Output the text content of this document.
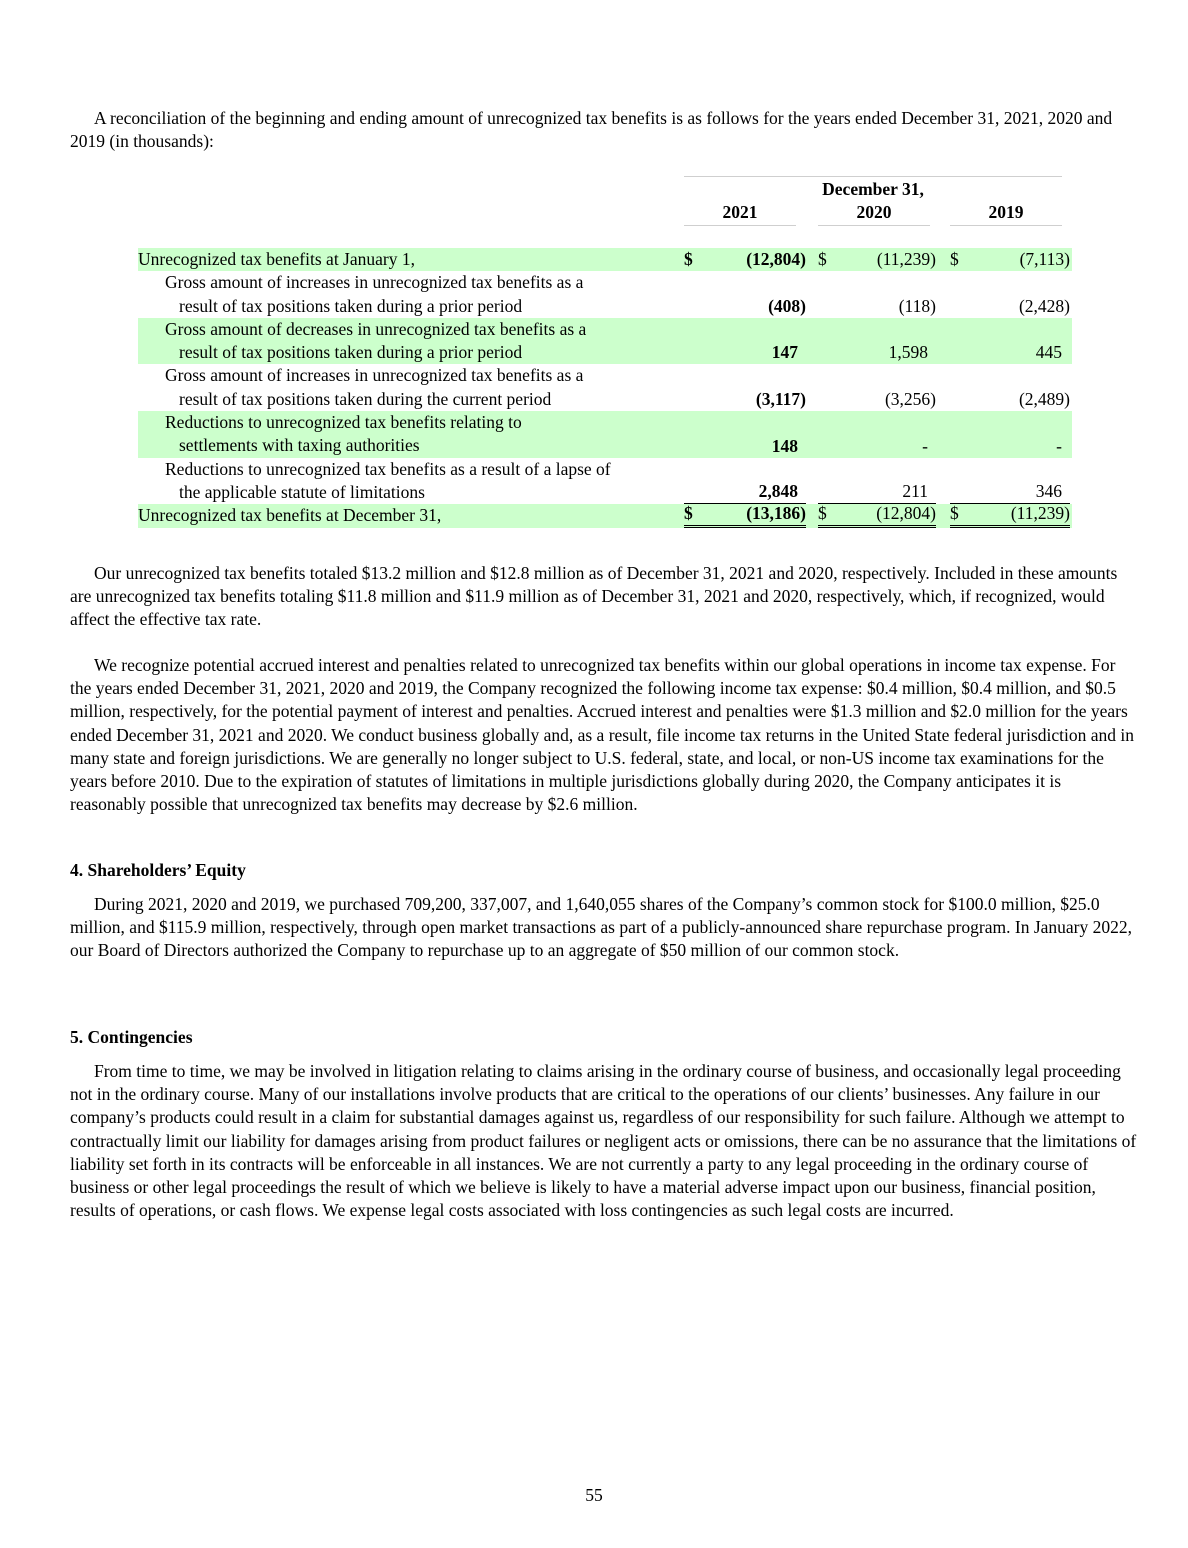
A reconciliation of the beginning and ending amount of unrecognized tax benefits is as follows for the years ended December 31, 2021, 2020 and 2019 (in thousands):

December 31,
2021	2020	2019
Unrecognized tax benefits at January 1,	$	(12,804) $	(11,239) $	(7,113)
Gross amount of increases in unrecognized tax benefits as a
result of tax positions taken during a prior period	(408)	(118)	(2,428)
Gross amount of decreases in unrecognized tax benefits as a
result of tax positions taken during a prior period	147	1,598	445
Gross amount of increases in unrecognized tax benefits as a
result of tax positions taken during the current period	(3,117)	(3,256)	(2,489)
Reductions to unrecognized tax benefits relating to
settlements with taxing authorities	148	-	-
Reductions to unrecognized tax benefits as a result of a lapse of
the applicable statute of limitations	2,848	211	346
Unrecognized tax benefits at December 31,	$	(13,186) $	(12,804) $	(11,239)

Our unrecognized tax benefits totaled $13.2 million and $12.8 million as of December 31, 2021 and 2020, respectively. Included in these amounts are unrecognized tax benefits totaling $11.8 million and $11.9 million as of December 31, 2021 and 2020, respectively, which, if recognized, would affect the effective tax rate.

We recognize potential accrued interest and penalties related to unrecognized tax benefits within our global operations in income tax expense. For the years ended December 31, 2021, 2020 and 2019, the Company recognized the following income tax expense: $0.4 million, $0.4 million, and $0.5 million, respectively, for the potential payment of interest and penalties. Accrued interest and penalties were $1.3 million and $2.0 million for the years ended December 31, 2021 and 2020. We conduct business globally and, as a result, file income tax returns in the United State federal jurisdiction and in many state and foreign jurisdictions. We are generally no longer subject to U.S. federal, state, and local, or non-US income tax examinations for the years before 2010. Due to the expiration of statutes of limitations in multiple jurisdictions globally during 2020, the Company anticipates it is reasonably possible that unrecognized tax benefits may decrease by $2.6 million.

4. Shareholders’ Equity

During 2021, 2020 and 2019, we purchased 709,200, 337,007, and 1,640,055 shares of the Company’s common stock for $100.0 million, $25.0 million, and $115.9 million, respectively, through open market transactions as part of a publicly-announced share repurchase program. In January 2022, our Board of Directors authorized the Company to repurchase up to an aggregate of $50 million of our common stock.

5. Contingencies

From time to time, we may be involved in litigation relating to claims arising in the ordinary course of business, and occasionally legal proceeding not in the ordinary course. Many of our installations involve products that are critical to the operations of our clients’ businesses. Any failure in our company’s products could result in a claim for substantial damages against us, regardless of our responsibility for such failure. Although we attempt to contractually limit our liability for damages arising from product failures or negligent acts or omissions, there can be no assurance that the limitations of liability set forth in its contracts will be enforceable in all instances. We are not currently a party to any legal proceeding in the ordinary course of business or other legal proceedings the result of which we believe is likely to have a material adverse impact upon our business, financial position, results of operations, or cash flows. We expense legal costs associated with loss contingencies as such legal costs are incurred.

55
